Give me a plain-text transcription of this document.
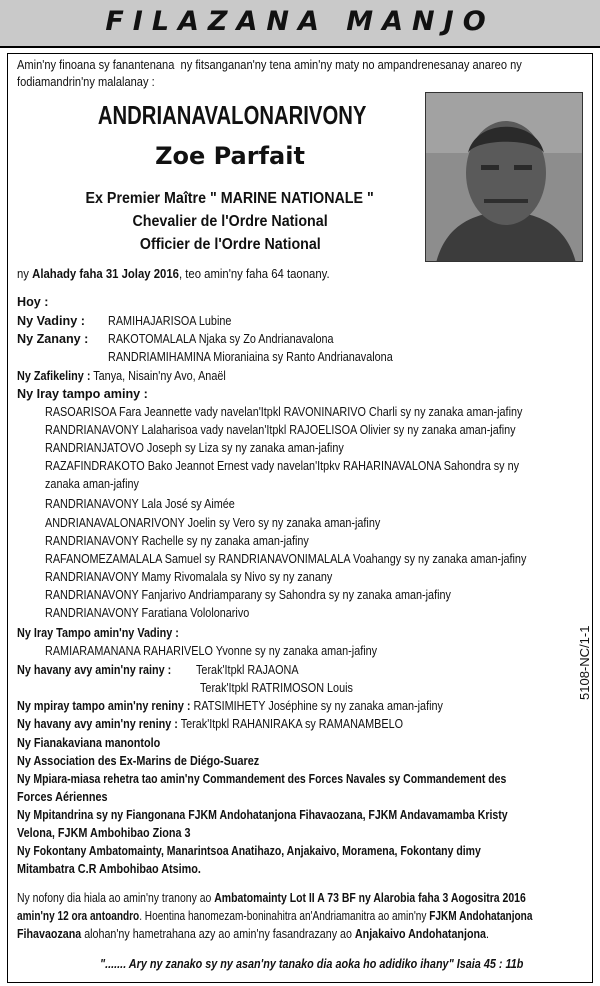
FILAZANA MANJO
Amin'ny finoana sy fanantenana  ny fitsanganan'ny tena amin'ny maty no ampandrenesanay anareo ny
fodiamandrin'ny malalanay :
ANDRIANAVALONARIVONY
Zoe Parfait
Ex Premier Maître " MARINE NATIONALE "
Chevalier de l'Ordre National
Officier de l'Ordre National
ny Alahady faha 31 Jolay 2016, teo amin'ny faha 64 taonany.
Hoy :
Ny Vadiny : RAMIHAJARISOA Lubine
Ny Zanany : RAKOTOMALALA Njaka sy Zo Andrianavalona
RANDRIAMIHAMINA Mioraniaina sy Ranto Andrianavalona
Ny Zafikeliny : Tanya, Nisain'ny Avo, Anaël
Ny Iray tampo aminy :
RASOARISOA Fara Jeannette vady navelan'Itpkl RAVONINARIVO Charli sy ny zanaka aman-jafiny
RANDRIANAVONY Lalaharisoa vady navelan'Itpkl RAJOELISOA Olivier sy ny zanaka aman-jafiny
RANDRIANJATOVO Joseph sy Liza sy ny zanaka aman-jafiny
RAZAFINDRAKOTO Bako Jeannot Ernest vady navelan'Itpkv RAHARINAVALONA Sahondra sy ny
zanaka aman-jafiny
RANDRIANAVONY Lala José sy Aimée
ANDRIANAVALONARIVONY Joelin sy Vero sy ny zanaka aman-jafiny
RANDRIANAVONY Rachelle sy ny zanaka aman-jafiny
RAFANOMEZAMALALA Samuel sy RANDRIANAVONIMALALA Voahangy sy ny zanaka aman-jafiny
RANDRIANAVONY Mamy Rivomalala sy Nivo sy ny zanany
RANDRIANAVONY Fanjarivo Andriamparany sy Sahondra sy ny zanaka aman-jafiny
RANDRIANAVONY Faratiana Vololonarivo
Ny Iray Tampo amin'ny Vadiny :
RAMIARAMANANA RAHARIVELO Yvonne sy ny zanaka aman-jafiny
Ny havany avy amin'ny rainy :	Terak'Itpkl RAJAONA
Terak'Itpkl RATRIMOSON Louis
Ny mpiray tampo amin'ny reniny : RATSIMIHETY Joséphine sy ny zanaka aman-jafiny
Ny havany avy amin'ny reniny : Terak'Itpkl RAHANIRAKA sy RAMANAMBELO
Ny Fianakaviana manontolo
Ny Association des Ex-Marins de Diégo-Suarez
Ny Mpiara-miasa rehetra tao amin'ny Commandement des Forces Navales sy Commandement des
Forces Aériennes
Ny Mpitandrina sy ny Fiangonana FJKM Andohatanjona Fihavaozana, FJKM Andavamamba Kristy
Velona, FJKM Ambohibao Ziona 3
Ny Fokontany Ambatomainty, Manarintsoa Anatihazo, Anjakaivo, Moramena, Fokontany dimy
Mitambatra C.R Ambohibao Atsimo.
Ny nofony dia hiala ao amin'ny tranony ao Ambatomainty Lot II A 73 BF ny Alarobia faha 3 Aogositra 2016
amin'ny 12 ora antoandro. Hoentina hanomezam-boninahitra an'Andriamanitra ao amin'ny FJKM Andohatanjona
Fihavaozana alohan'ny hametrahana azy ao amin'ny fasandrazany ao Anjakaivo Andohatanjona.
"....... Ary ny zanako sy ny asan'ny tanako dia aoka ho adidiko ihany" Isaia 45 : 11b
5108-NC/1-1
